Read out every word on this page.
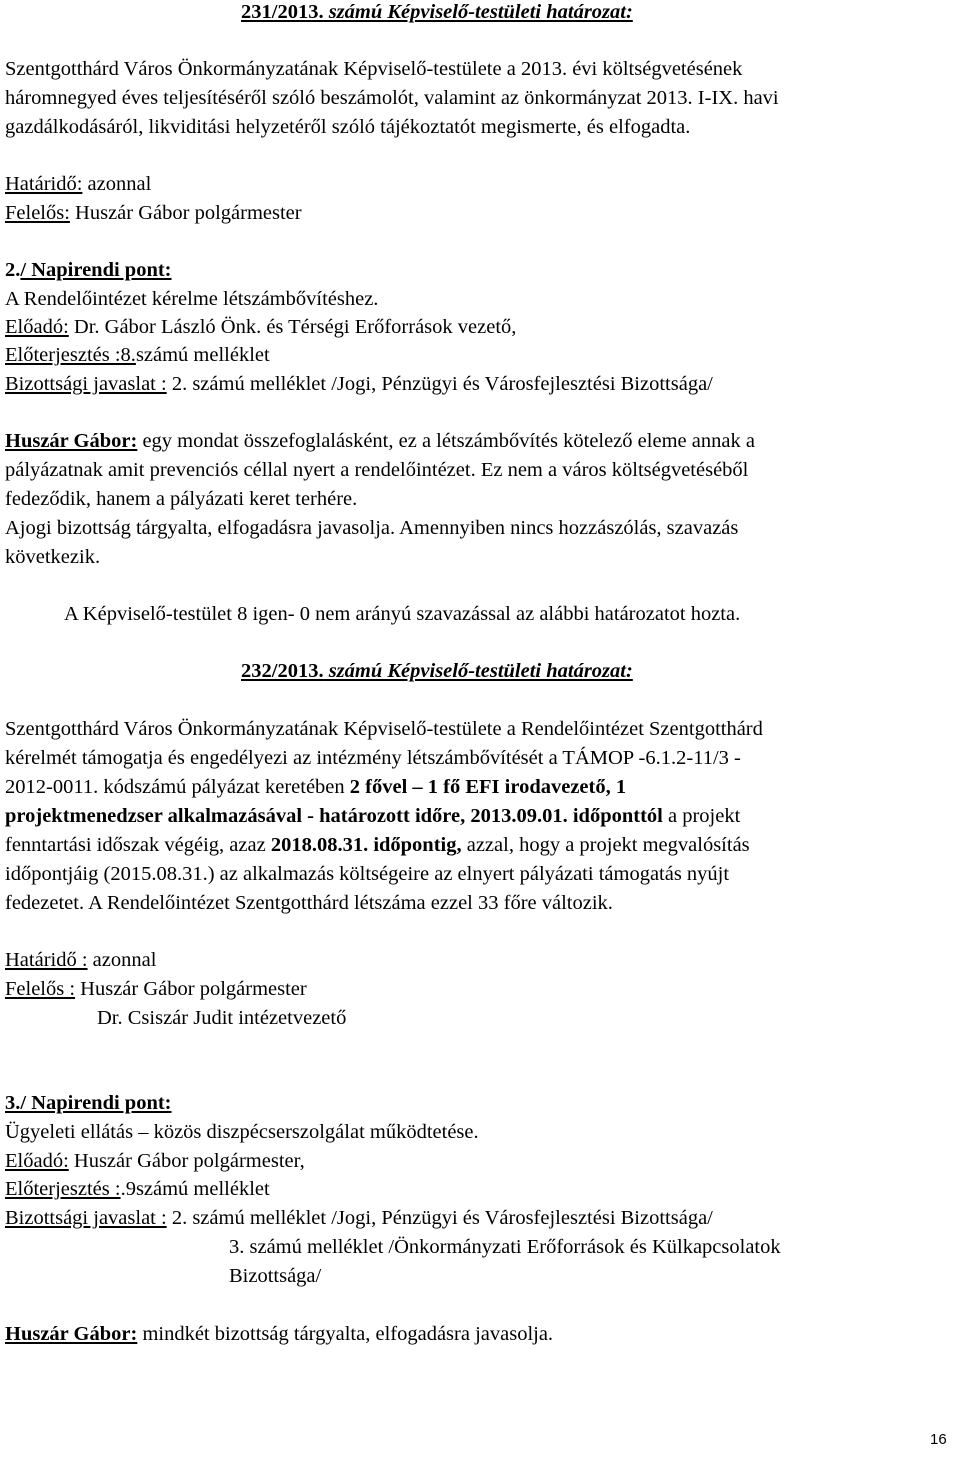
231/2013. számú Képviselő-testületi határozat:
Szentgotthárd Város Önkormányzatának Képviselő-testülete a 2013. évi költségvetésének
háromnegyed éves teljesítéséről szóló beszámolót, valamint az önkormányzat 2013. I-IX. havi
gazdálkodásáról, likviditási helyzetéről szóló tájékoztatót megismerte, és elfogadta.
Határidő: azonnal
Felelős: Huszár Gábor polgármester
2./ Napirendi pont:
A Rendelőintézet kérelme létszámbővítéshez.
Előadó: Dr. Gábor László Önk. és Térségi Erőforrások vezető,
Előterjesztés :8.számú melléklet
Bizottsági javaslat : 2. számú melléklet /Jogi, Pénzügyi és Városfejlesztési Bizottsága/
Huszár Gábor: egy mondat összefoglalásként, ez a létszámbővítés kötelező eleme annak a
pályázatnak amit prevenciós céllal nyert a rendelőintézet. Ez nem a város költségvetéséből
fedeződik, hanem a pályázati keret terhére.
Ajogi bizottság tárgyalta, elfogadásra javasolja. Amennyiben nincs hozzászólás, szavazás
következik.
A Képviselő-testület 8 igen- 0 nem arányú szavazással az alábbi határozatot hozta.
232/2013. számú Képviselő-testületi határozat:
Szentgotthárd Város Önkormányzatának Képviselő-testülete a Rendelőintézet Szentgotthárd
kérelmét támogatja és engedélyezi az intézmény létszámbővítését a TÁMOP -6.1.2-11/3 -
2012-0011. kódszámú pályázat keretében 2 fővel – 1 fő EFI irodavezető, 1
projektmenedzser alkalmazásával - határozott időre, 2013.09.01. időponttól a projekt
fenntartási időszak végéig, azaz 2018.08.31. időpontig, azzal, hogy a projekt megvalósítás
időpontjáig (2015.08.31.) az alkalmazás költségeire az elnyert pályázati támogatás nyújt
fedezetet. A Rendelőintézet Szentgotthárd létszáma ezzel 33 főre változik.
Határidő : azonnal
Felelős : Huszár Gábor polgármester
Dr. Csiszár Judit intézetvezető
3./ Napirendi pont:
Ügyeleti ellátás – közös diszpécserszolgálat működtetése.
Előadó: Huszár Gábor polgármester,
Előterjesztés :.9számú melléklet
Bizottsági javaslat : 2. számú melléklet /Jogi, Pénzügyi és Városfejlesztési Bizottsága/
3. számú melléklet /Önkormányzati Erőforrások és Külkapcsolatok
Bizottsága/
Huszár Gábor: mindkét bizottság tárgyalta, elfogadásra javasolja.
16
